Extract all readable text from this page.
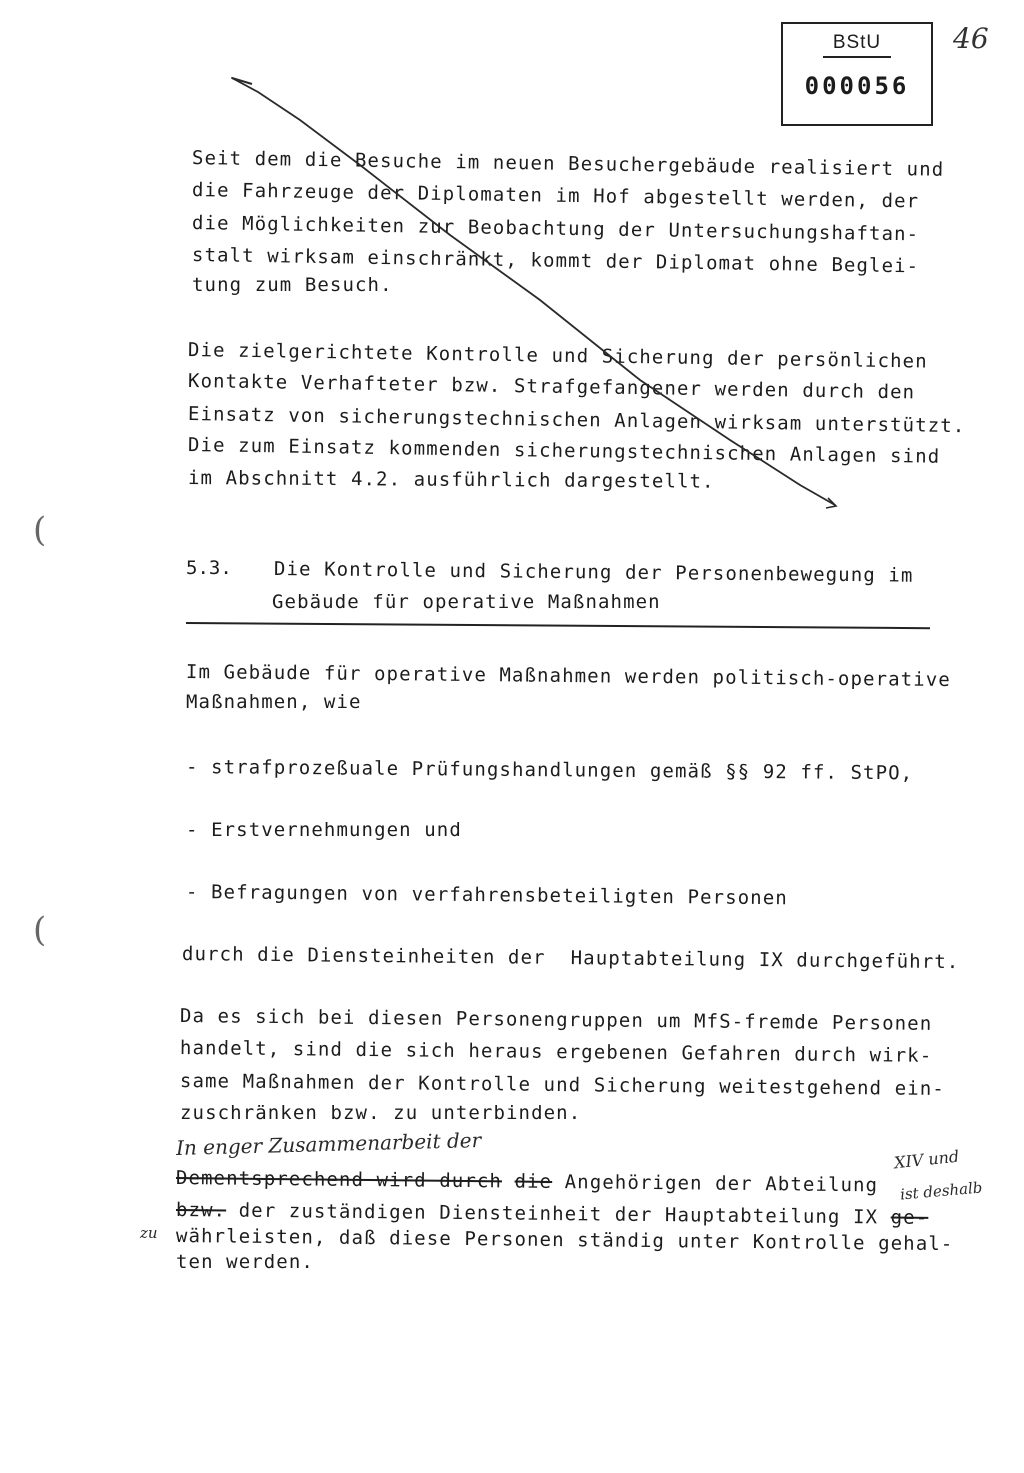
BStU
000056
46
Seit dem die Besuche im neuen Besuchergebäude realisiert und
die Fahrzeuge der Diplomaten im Hof abgestellt werden, der
die Möglichkeiten zur Beobachtung der Untersuchungshaftan-
stalt wirksam einschränkt, kommt der Diplomat ohne Beglei-
tung zum Besuch.
Die zielgerichtete Kontrolle und Sicherung der persönlichen
Kontakte Verhafteter bzw. Strafgefangener werden durch den
Einsatz von sicherungstechnischen Anlagen wirksam unterstützt.
Die zum Einsatz kommenden sicherungstechnischen Anlagen sind
im Abschnitt 4.2. ausführlich dargestellt.
5.3. Die Kontrolle und Sicherung der Personenbewegung im
Gebäude für operative Maßnahmen
Im Gebäude für operative Maßnahmen werden politisch-operative
Maßnahmen, wie
- strafprozeßuale Prüfungshandlungen gemäß §§ 92 ff. StPO,
- Erstvernehmungen und
- Befragungen von verfahrensbeteiligten Personen
durch die Diensteinheiten der  Hauptabteilung IX durchgeführt.
Da es sich bei diesen Personengruppen um MfS-fremde Personen
handelt, sind die sich heraus ergebenen Gefahren durch wirk-
same Maßnahmen der Kontrolle und Sicherung weitestgehend ein-
zuschränken bzw. zu unterbinden.
In enger Zusammenarbeit der
Dementsprechend wird durch die Angehörigen der Abteilung
XIV und
bzw. der zuständigen Diensteinheit der Hauptabteilung IX ge-
ist deshalb
zu währleisten, daß diese Personen ständig unter Kontrolle gehal-
ten werden.
(
(
